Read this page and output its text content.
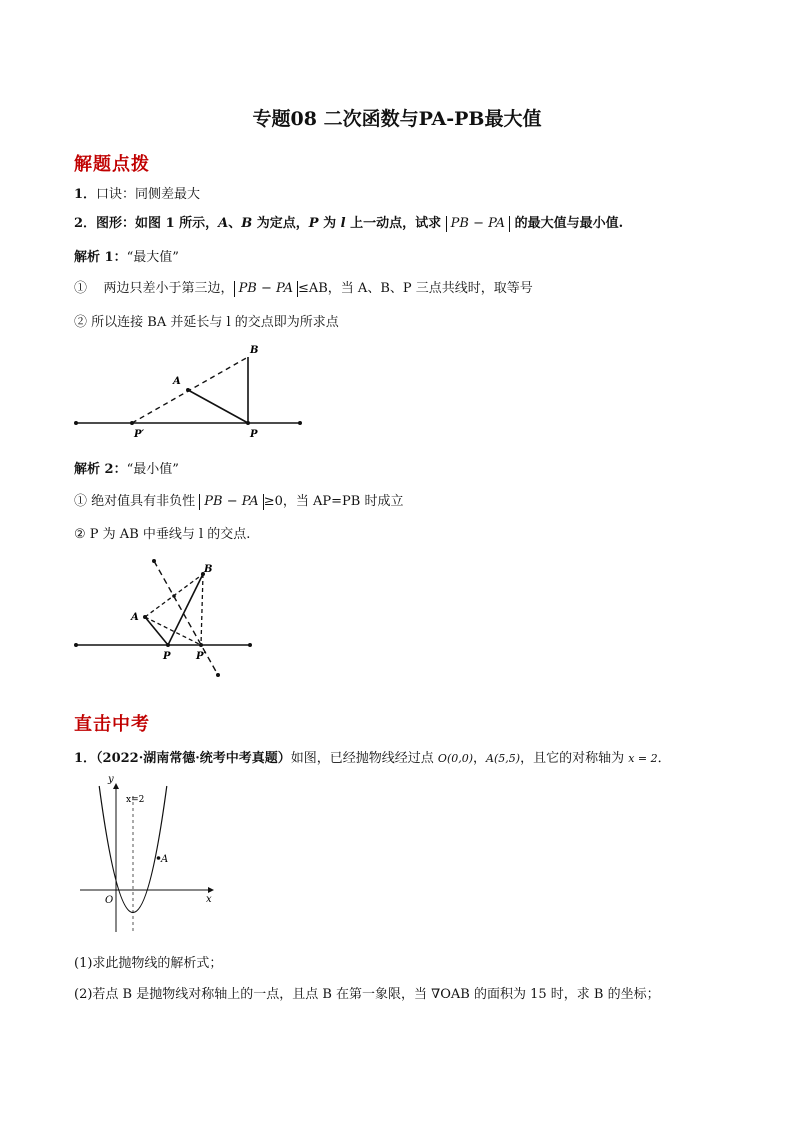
专题08 二次函数与PA-PB最大值
解题点拨
1．口诀：同侧差最大
2．图形：如图 1 所示，A、B 为定点，P 为 l 上一动点，试求 PB − PA 的最大值与最小值.
解析 1：“最大值”
① 两边只差小于第三边， PB − PA ≤AB，当 A、B、P 三点共线时，取等号
② 所以连接 BA 并延长与 l 的交点即为所求点
B
A
P′	P
解析 2：“最小值”
① 绝对值具有非负性 PB − PA ≥0，当 AP=PB 时成立
② P 为 AB 中垂线与 l 的交点.
B
A
P	P′
直击中考
1．（2022·湖南常德·统考中考真题）如图，已经抛物线经过点 O(0,0)，A(5,5)，且它的对称轴为 x = 2．
y
x
O
A
x=2
(1)求此抛物线的解析式；
(2)若点 B 是抛物线对称轴上的一点，且点 B 在第一象限，当 ∇OAB 的面积为 15 时，求 B 的坐标；
